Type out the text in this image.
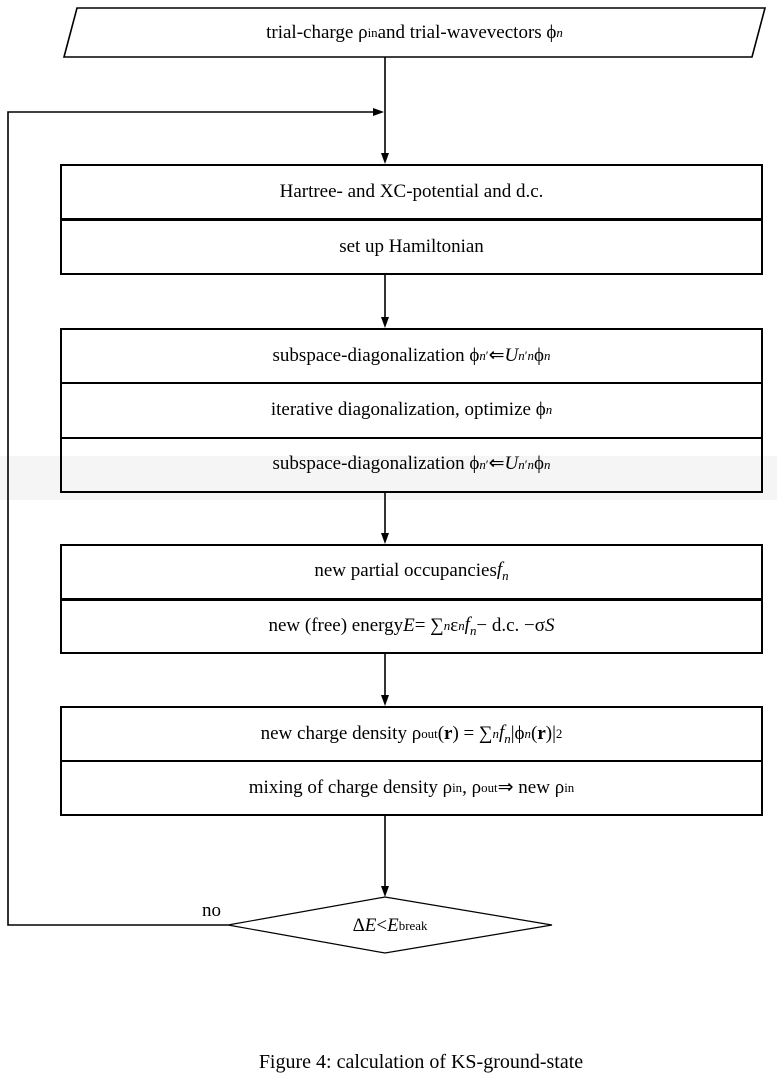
trial-charge ρ in and trial-wavevectors ϕ n
Hartree- and XC-potential and d.c.
set up Hamiltonian
subspace-diagonalization ϕ n′ ⇐ U n′n ϕ n
iterative diagonalization, optimize ϕ n
subspace-diagonalization ϕ n′ ⇐ U n′n ϕ n
new partial occupancies $f_n$
new (free) energy E = ∑ n ε n $f_n - d.c$. −σ S
new charge density ρ out ( r ) = ∑ n $f_n$ |ϕ n ( r )| 2
mixing of charge density ρ in , ρ out ⇒ new ρ in
Δ E < E break
no
Figure 4: calculation of KS-ground-state
